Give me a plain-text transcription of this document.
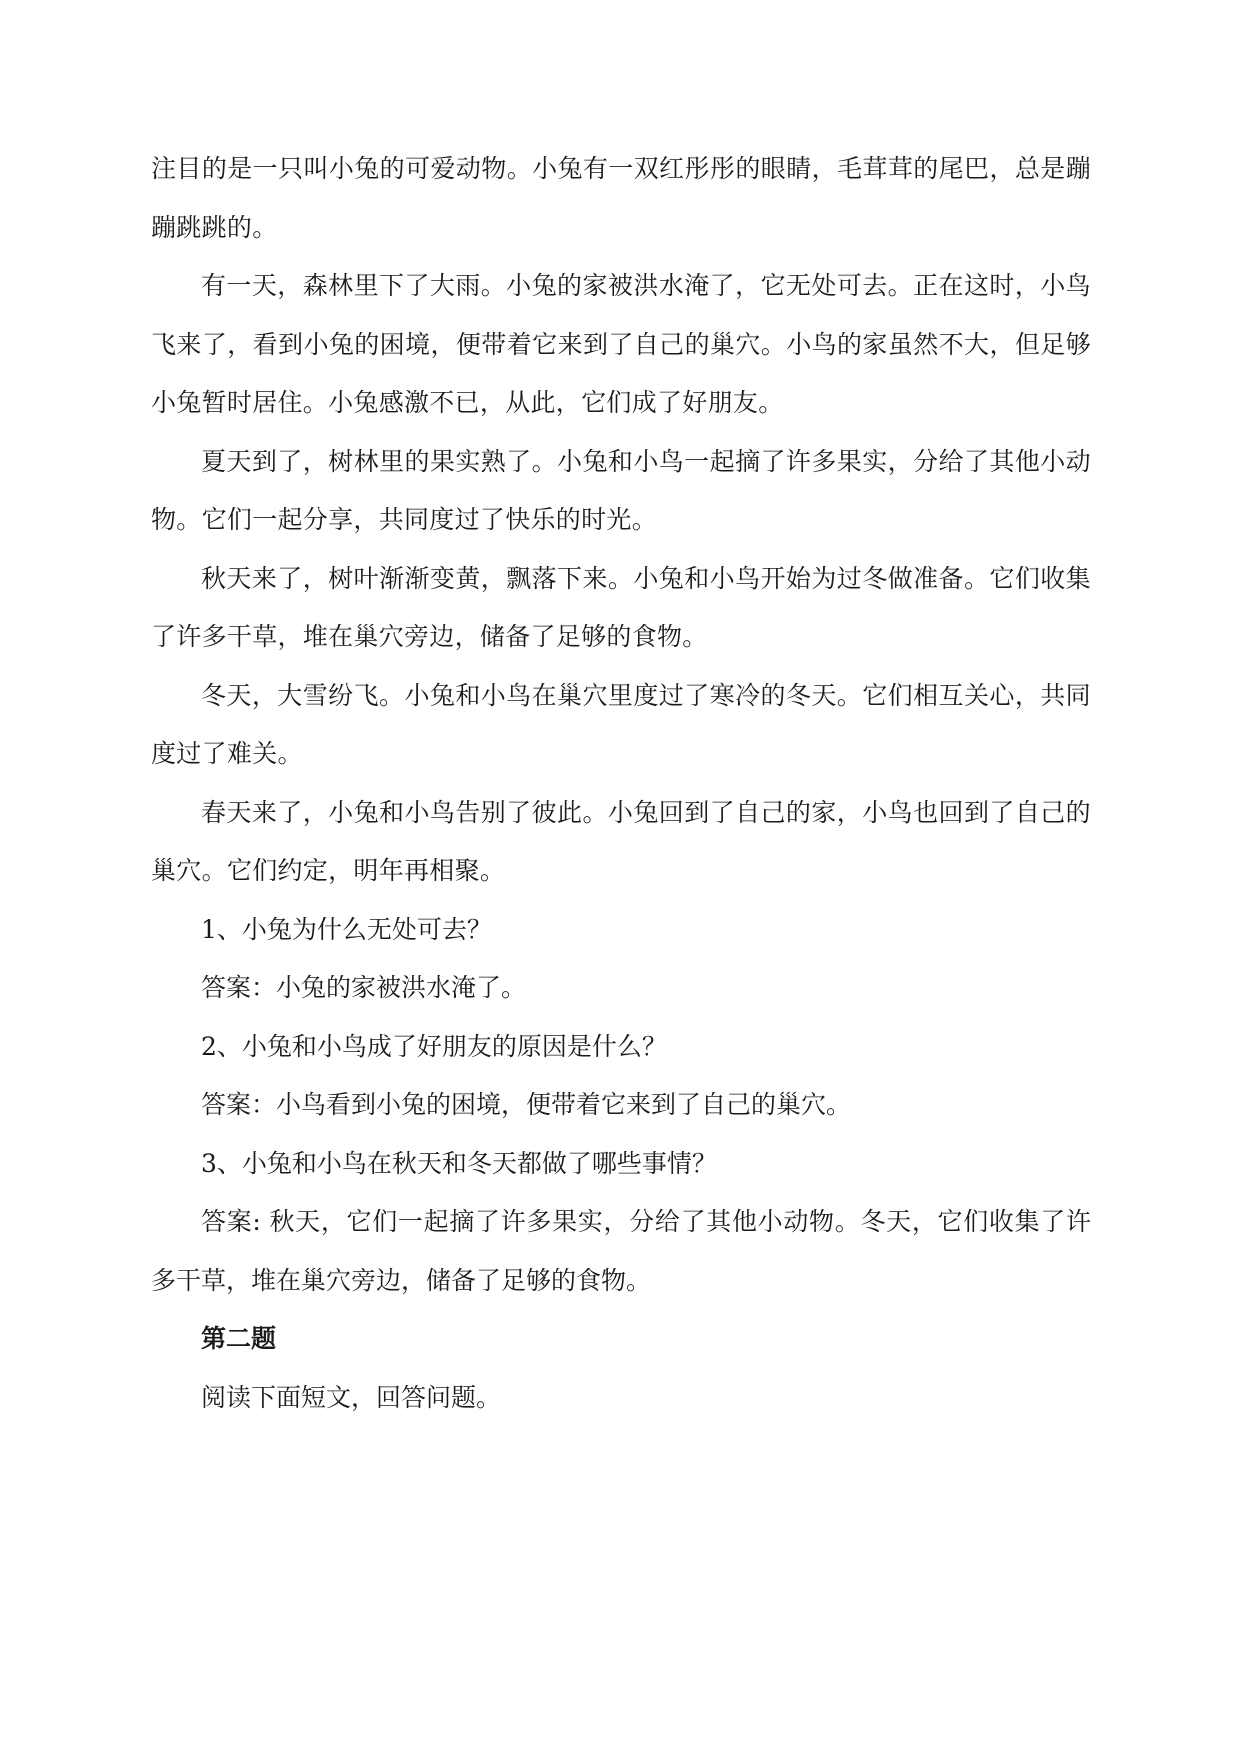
注目的是一只叫小兔的可爱动物。小兔有一双红彤彤的眼睛，毛茸茸的尾巴，总是蹦蹦跳跳的。

有一天，森林里下了大雨。小兔的家被洪水淹了，它无处可去。正在这时，小鸟飞来了，看到小兔的困境，便带着它来到了自己的巢穴。小鸟的家虽然不大，但足够小兔暂时居住。小兔感激不已，从此，它们成了好朋友。

夏天到了，树林里的果实熟了。小兔和小鸟一起摘了许多果实，分给了其他小动物。它们一起分享，共同度过了快乐的时光。

秋天来了，树叶渐渐变黄，飘落下来。小兔和小鸟开始为过冬做准备。它们收集了许多干草，堆在巢穴旁边，储备了足够的食物。

冬天，大雪纷飞。小兔和小鸟在巢穴里度过了寒冷的冬天。它们相互关心，共同度过了难关。

春天来了，小兔和小鸟告别了彼此。小兔回到了自己的家，小鸟也回到了自己的巢穴。它们约定，明年再相聚。

1、小兔为什么无处可去？

答案：小兔的家被洪水淹了。

2、小兔和小鸟成了好朋友的原因是什么？

答案：小鸟看到小兔的困境，便带着它来到了自己的巢穴。

3、小兔和小鸟在秋天和冬天都做了哪些事情？

答案: 秋天，它们一起摘了许多果实，分给了其他小动物。冬天，它们收集了许多干草，堆在巢穴旁边，储备了足够的食物。

第二题

阅读下面短文，回答问题。
